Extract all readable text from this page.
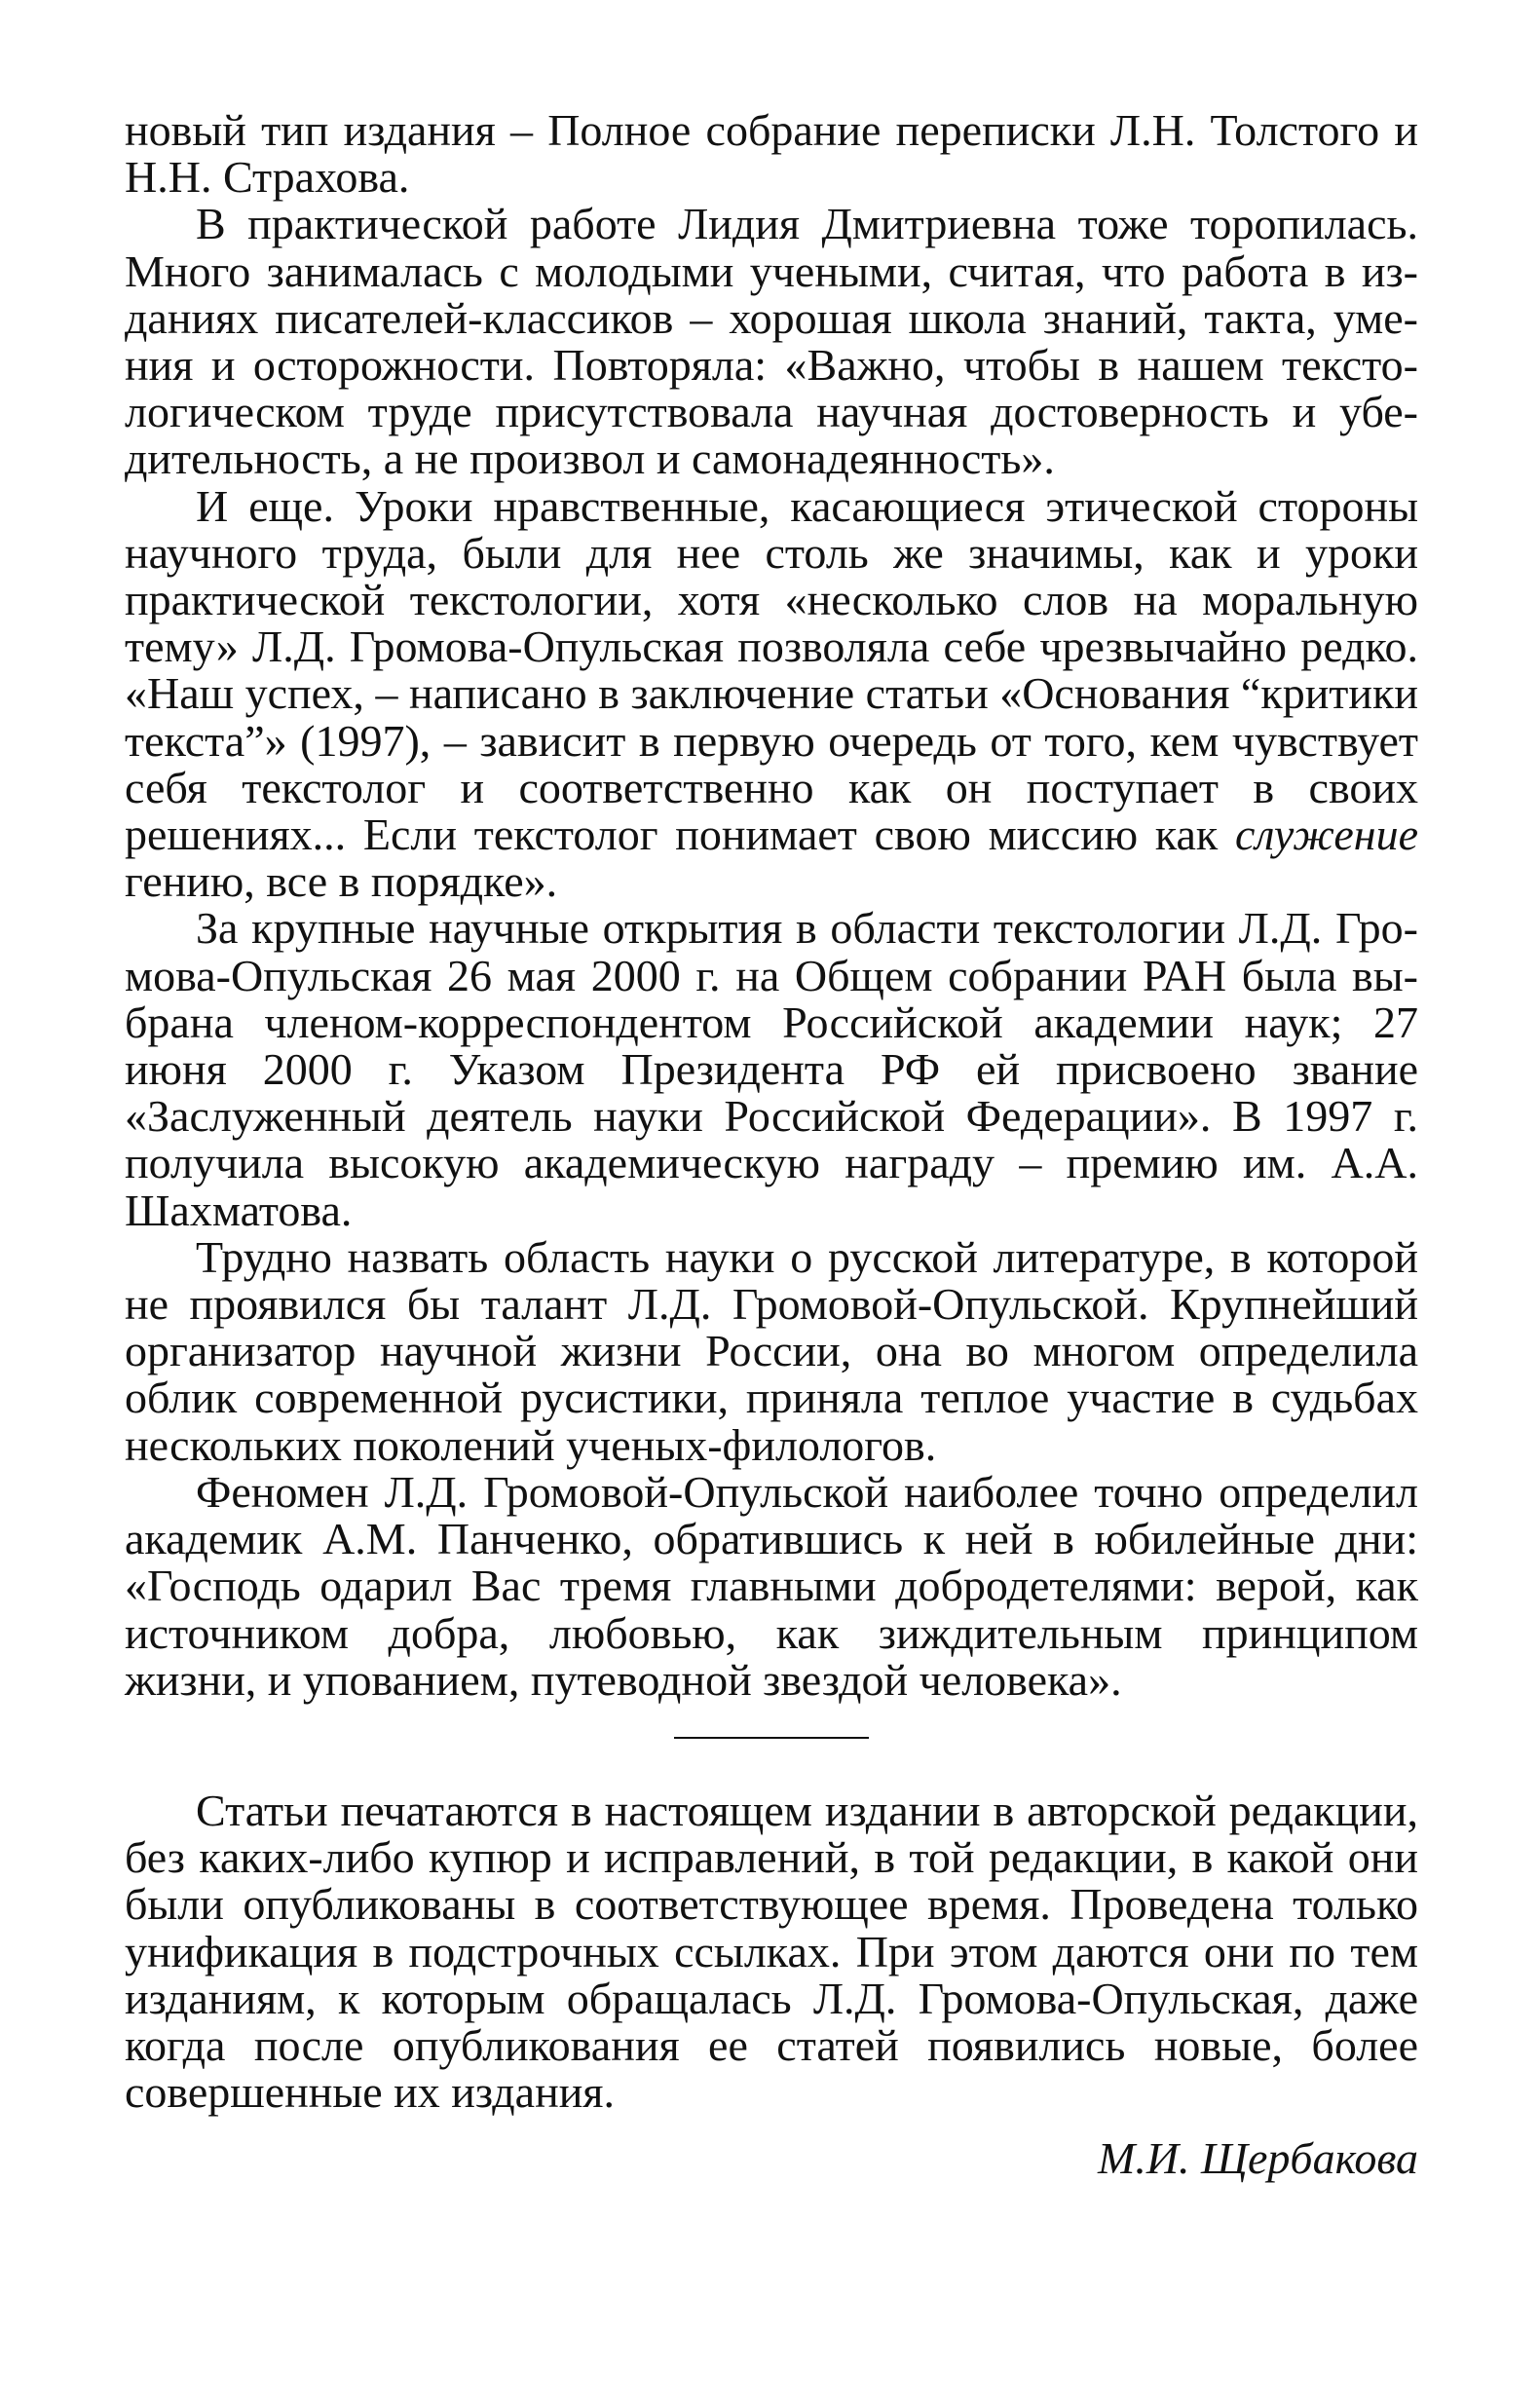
новый тип издания – Полное собрание переписки Л.Н. Толстого и Н.Н. Страхова.

В практической работе Лидия Дмитриевна тоже торопилась. Много занималась с молодыми учеными, считая, что работа в изданиях писателей-классиков – хорошая школа знаний, такта, умения и осторожности. Повторяла: «Важно, чтобы в нашем текстологическом труде присутствовала научная достоверность и убедительность, а не произвол и самонадеянность».

И еще. Уроки нравственные, касающиеся этической стороны научного труда, были для нее столь же значимы, как и уроки практической текстологии, хотя «несколько слов на моральную тему» Л.Д. Громова-Опульская позволяла себе чрезвычайно редко. «Наш успех, – написано в заключение статьи «Основания “критики текста”» (1997), – зависит в первую очередь от того, кем чувствует себя текстолог и соответственно как он поступает в своих решениях... Если текстолог понимает свою миссию как служение гению, все в порядке».

За крупные научные открытия в области текстологии Л.Д. Громова-Опульская 26 мая 2000 г. на Общем собрании РАН была выбрана членом-корреспондентом Российской академии наук; 27 июня 2000 г. Указом Президента РФ ей присвоено звание «Заслуженный деятель науки Российской Федерации». В 1997 г. получила высокую академическую награду – премию им. А.А. Шахматова.

Трудно назвать область науки о русской литературе, в которой не проявился бы талант Л.Д. Громовой-Опульской. Крупнейший организатор научной жизни России, она во многом определила облик современной русистики, приняла теплое участие в судьбах нескольких поколений ученых-филологов.

Феномен Л.Д. Громовой-Опульской наиболее точно определил академик А.М. Панченко, обратившись к ней в юбилейные дни: «Господь одарил Вас тремя главными добродетелями: верой, как источником добра, любовью, как зиждительным принципом жизни, и упованием, путеводной звездой человека».

Статьи печатаются в настоящем издании в авторской редакции, без каких-либо купюр и исправлений, в той редакции, в какой они были опубликованы в соответствующее время. Проведена только унификация в подстрочных ссылках. При этом даются они по тем изданиям, к которым обращалась Л.Д. Громова-Опульская, даже когда после опубликования ее статей появились новые, более совершенные их издания.

М.И. Щербакова
